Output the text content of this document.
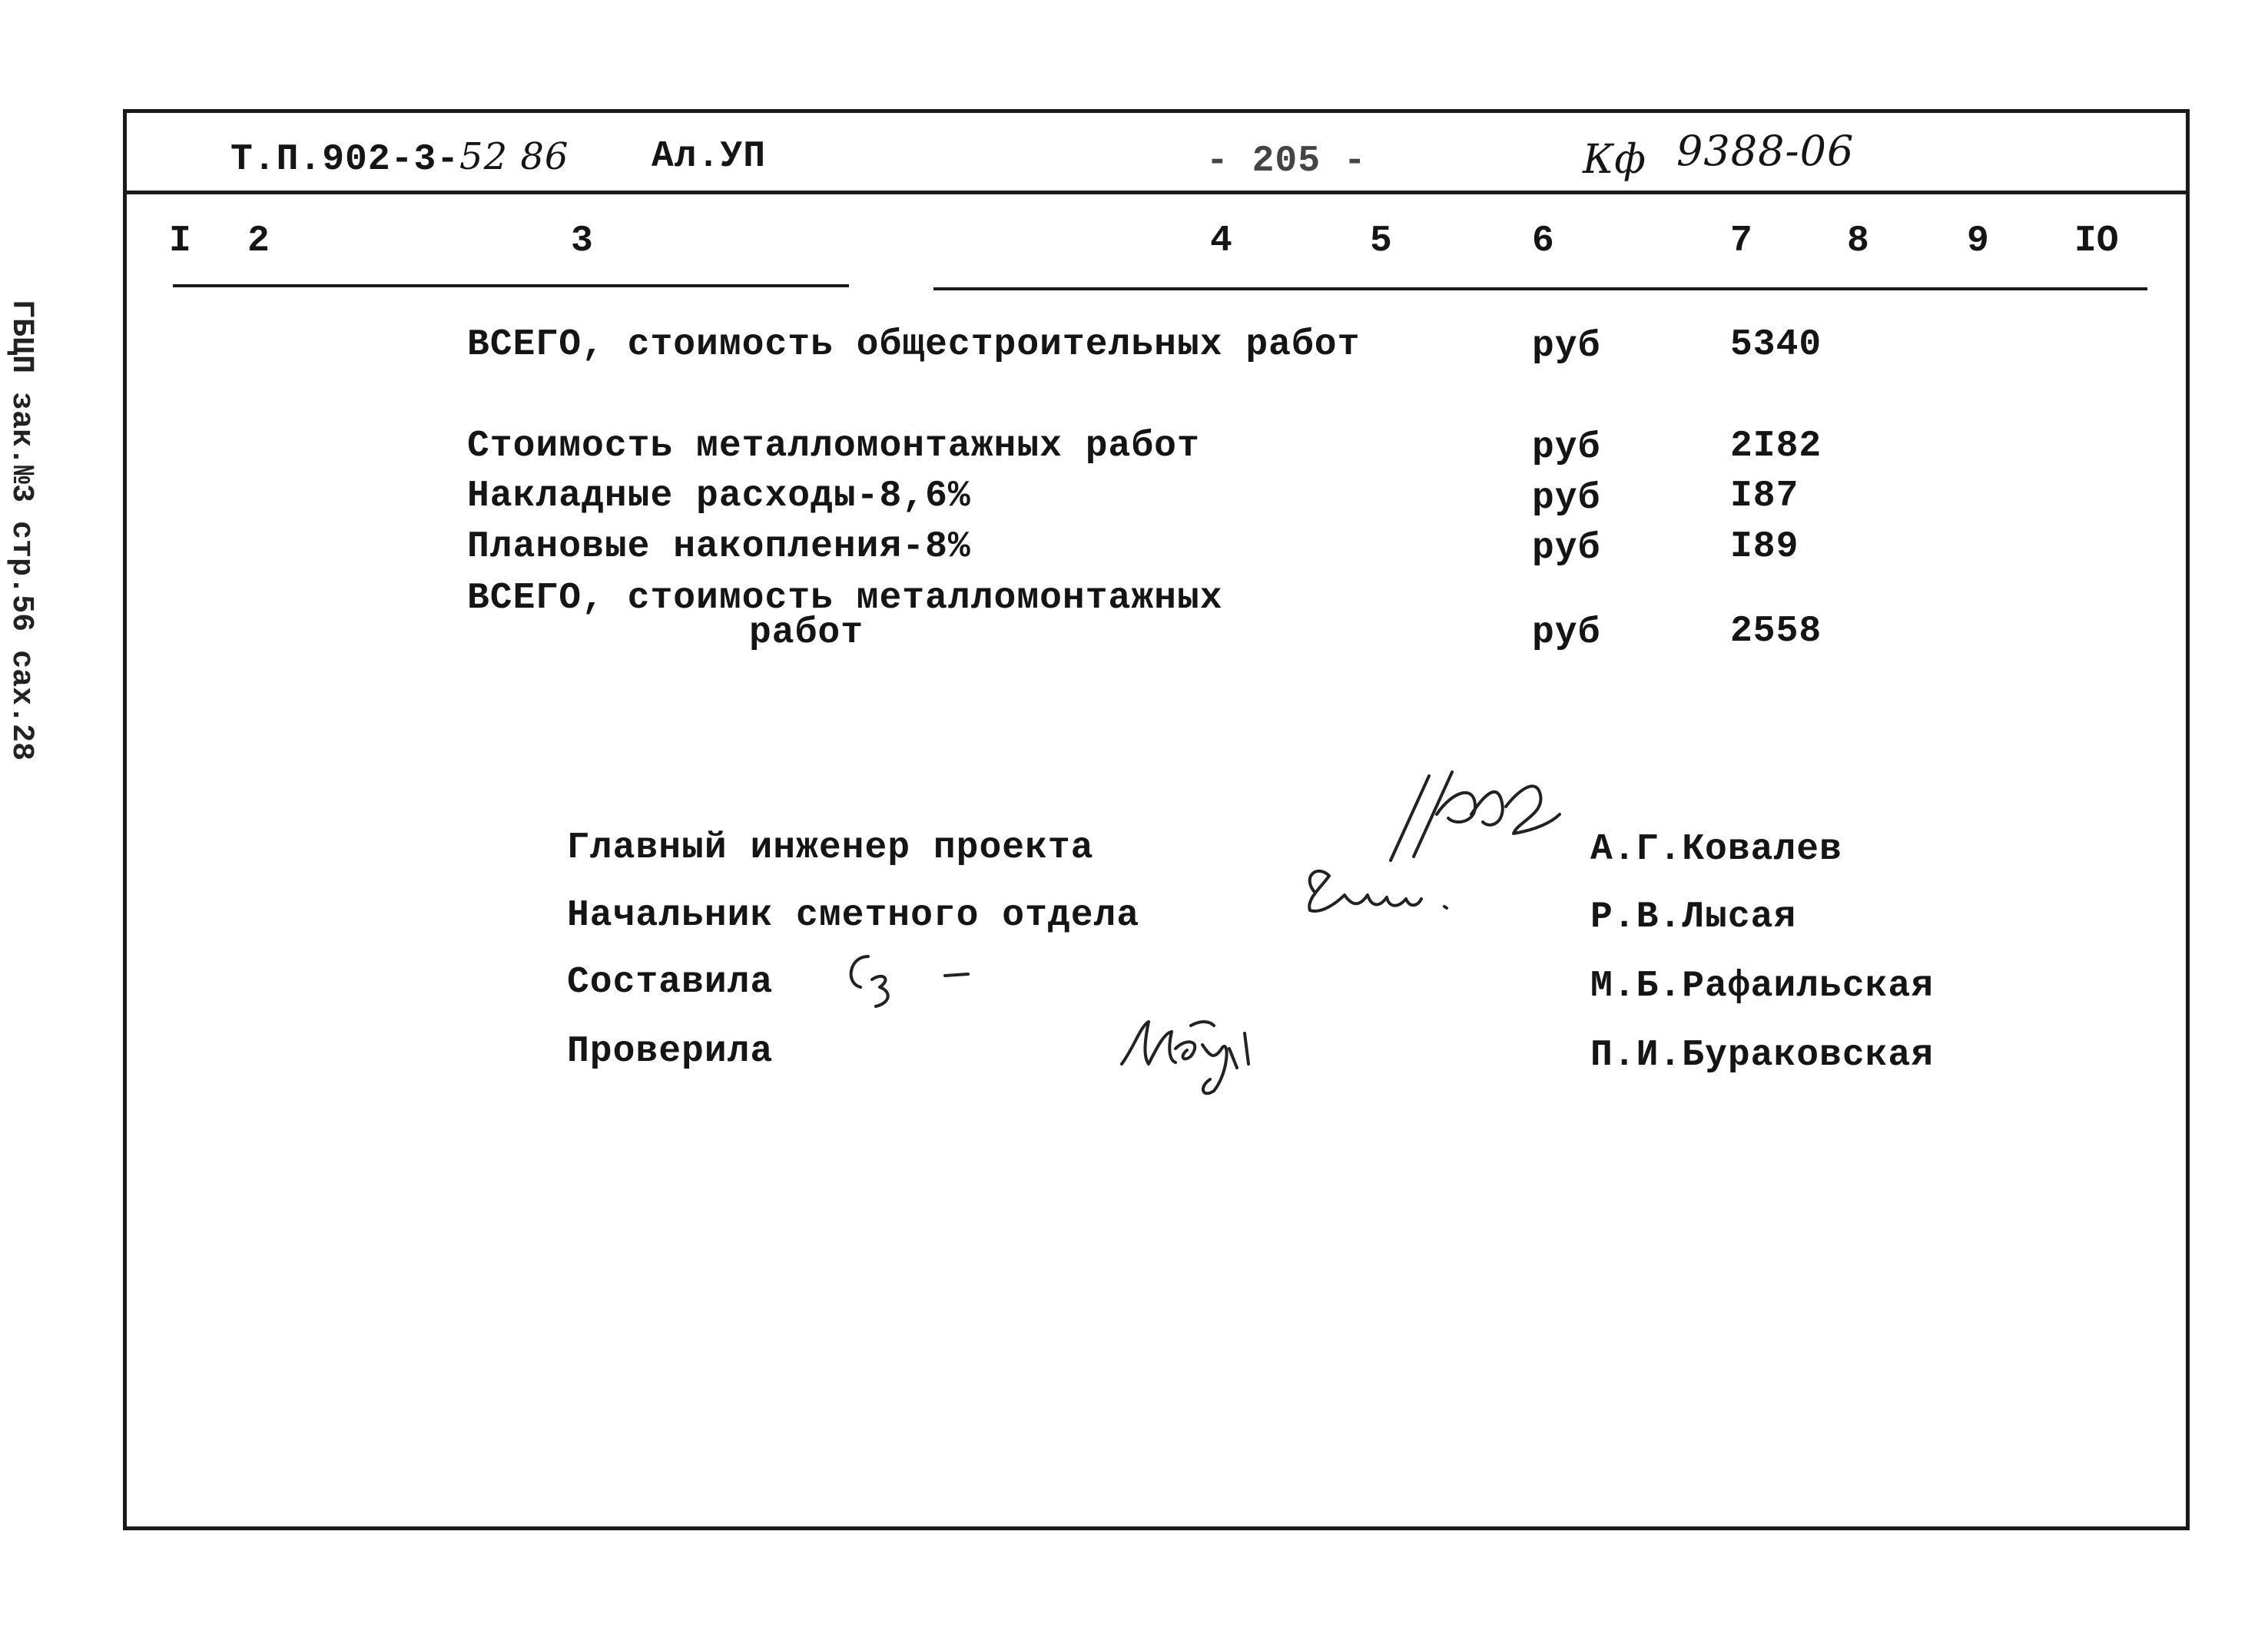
ГБЦП зак.№3 стр.56 сах.28
Т.П.902-3-52 86 Ал.УП	- 205 -	Кф 9388-06
I 2	3	4	5	6	7	8	9 IO
ВСЕГО, стоимость общестроительных работ	руб	5340
Стоимость металломонтажных работ	руб	2I82
Накладные расходы-8,6%	руб	I87
Плановые накопления-8%	руб	I89
ВСЕГО, стоимость металломонтажных
работ	руб	2558
Главный инженер проекта	А.Г.Ковалев
Начальник сметного отдела	Р.В.Лысая
Составила	М.Б.Рафаильская
Проверила	П.И.Бураковская
